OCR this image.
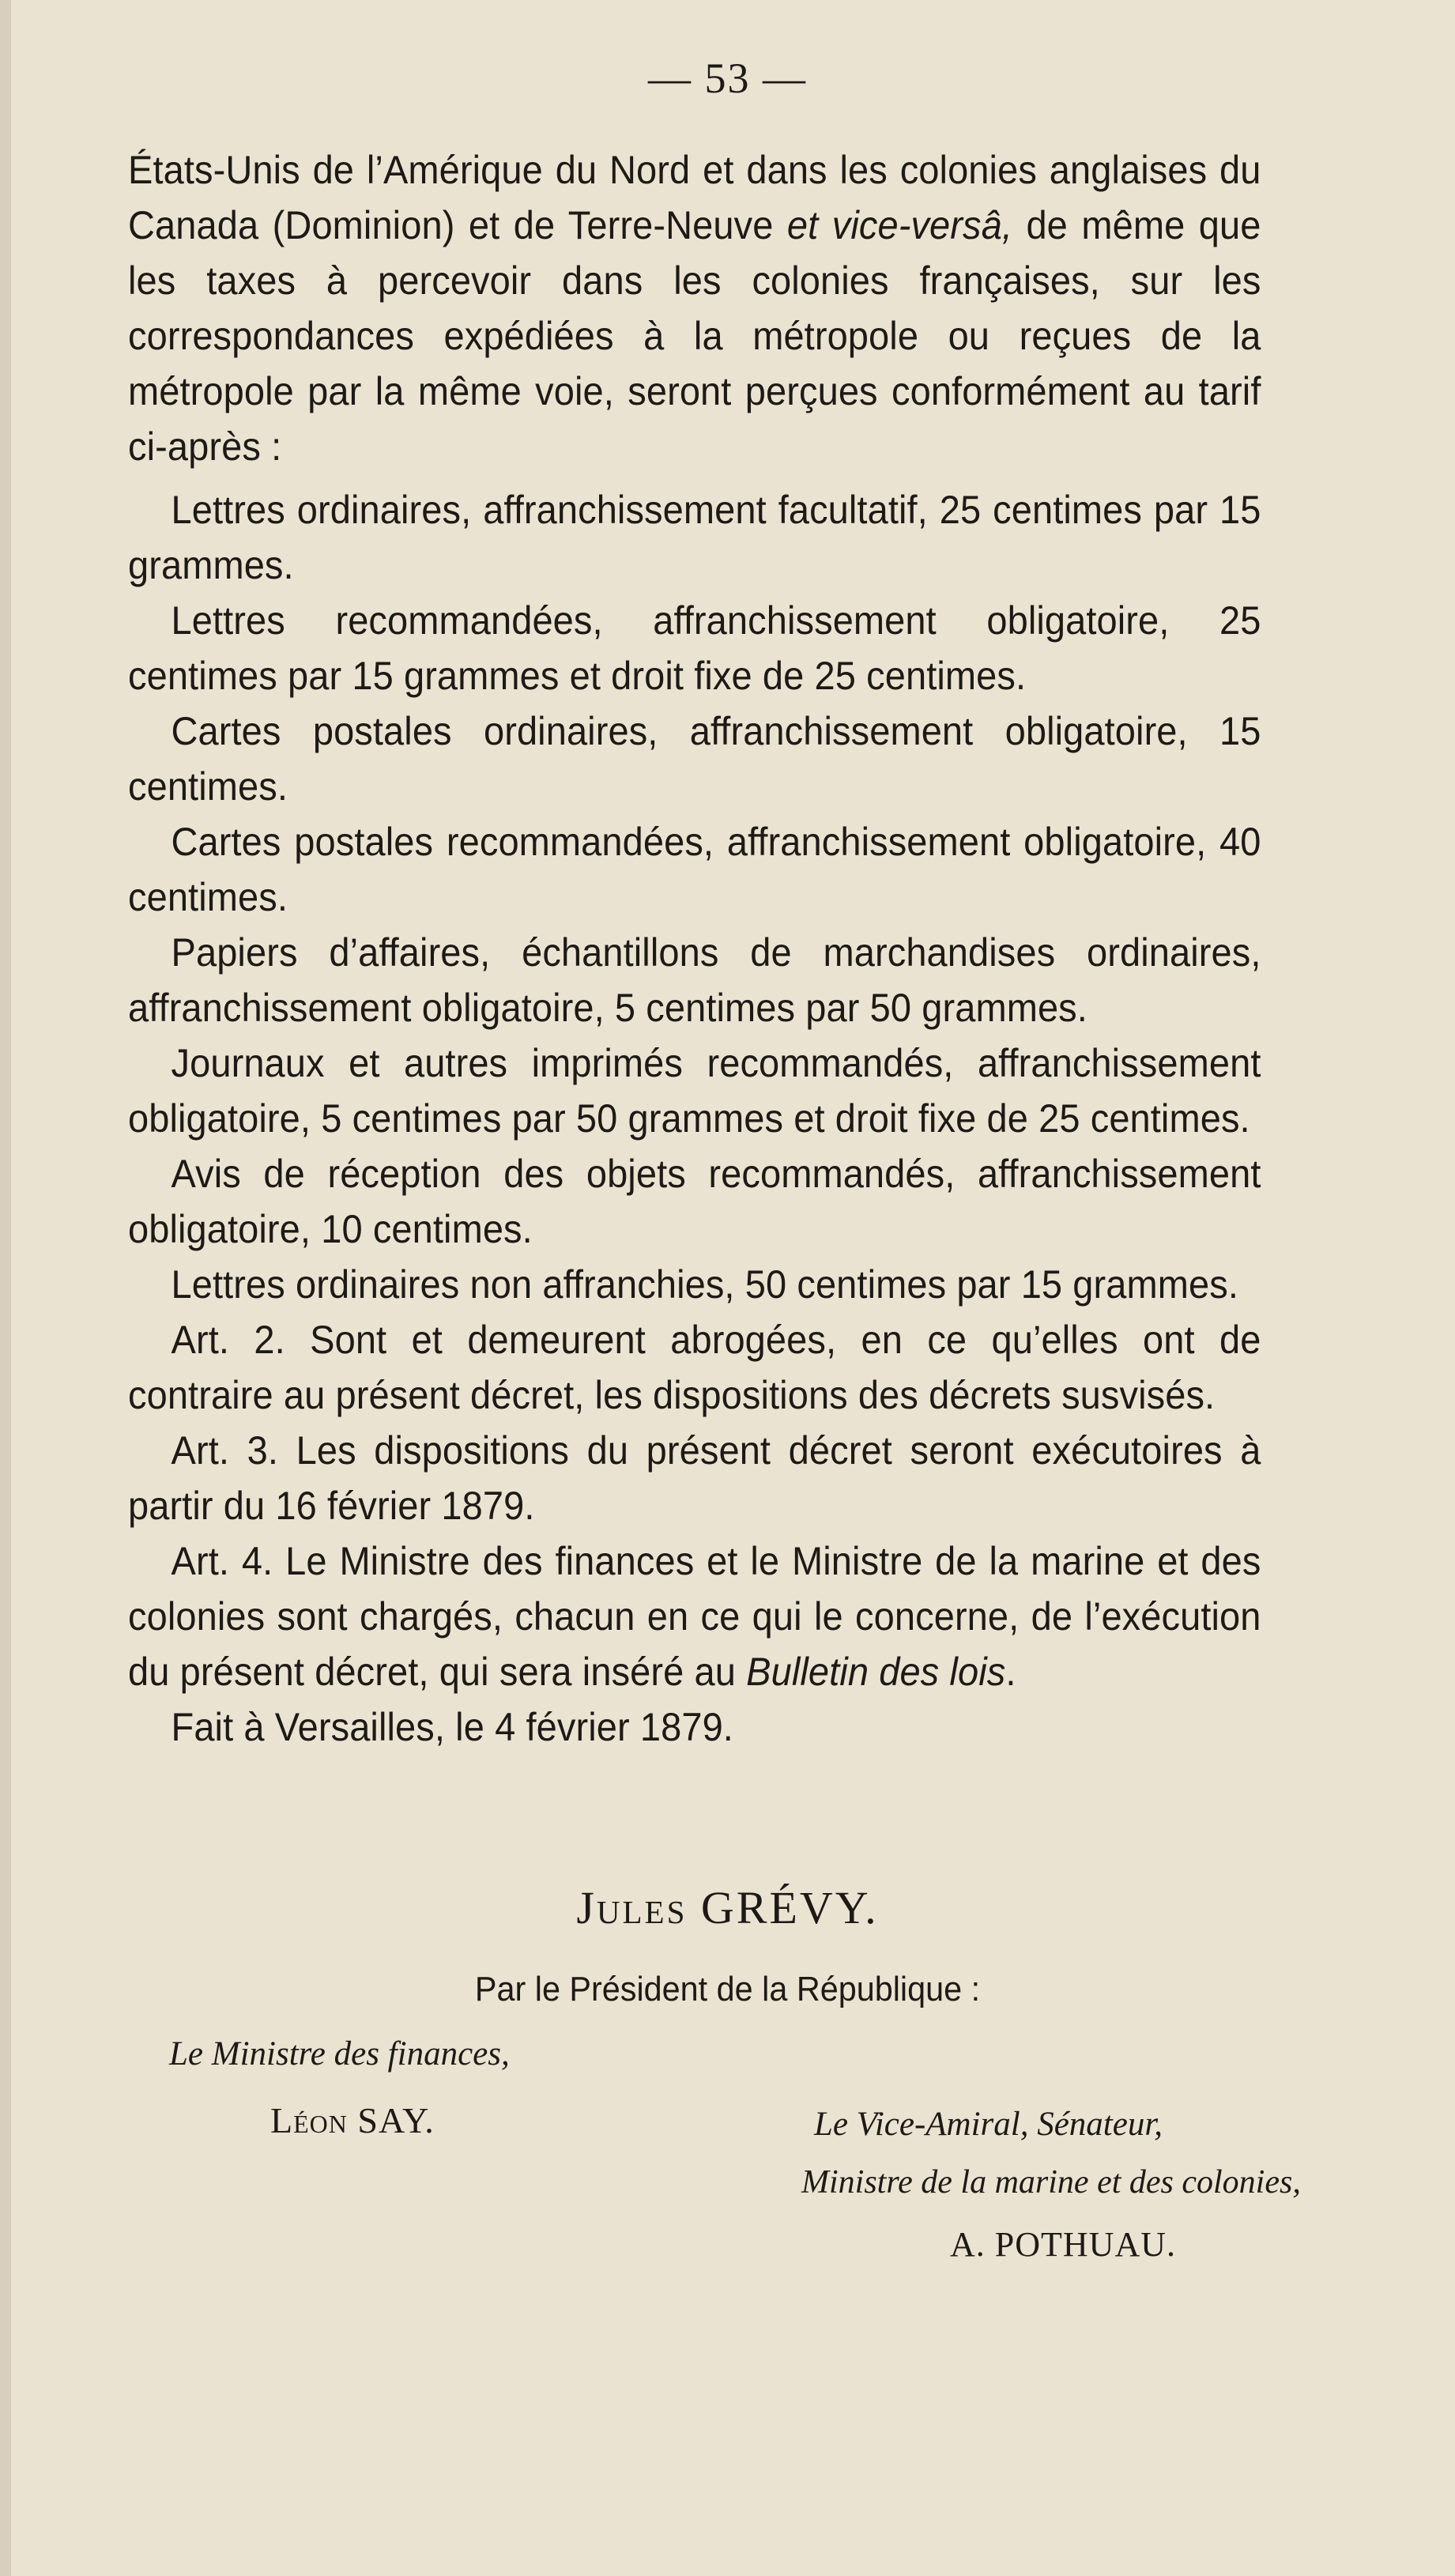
— 53 —

États-Unis de l’Amérique du Nord et dans les colonies anglaises du Canada (Dominion) et de Terre-Neuve et vice-versâ, de même que les taxes à percevoir dans les colonies françaises, sur les correspondances expédiées à la métropole ou reçues de la métropole par la même voie, seront perçues conformément au tarif ci-après :

Lettres ordinaires, affranchissement facultatif, 25 centimes par 15 grammes.

Lettres recommandées, affranchissement obligatoire, 25 centimes par 15 grammes et droit fixe de 25 centimes.

Cartes postales ordinaires, affranchissement obligatoire, 15 centimes.

Cartes postales recommandées, affranchissement obligatoire, 40 centimes.

Papiers d’affaires, échantillons de marchandises ordinaires, affranchissement obligatoire, 5 centimes par 50 grammes.

Journaux et autres imprimés recommandés, affranchissement obligatoire, 5 centimes par 50 grammes et droit fixe de 25 centimes.

Avis de réception des objets recommandés, affranchissement obligatoire, 10 centimes.

Lettres ordinaires non affranchies, 50 centimes par 15 grammes.

Art. 2. Sont et demeurent abrogées, en ce qu’elles ont de contraire au présent décret, les dispositions des décrets susvisés.

Art. 3. Les dispositions du présent décret seront exécutoires à partir du 16 février 1879.

Art. 4. Le Ministre des finances et le Ministre de la marine et des colonies sont chargés, chacun en ce qui le concerne, de l’exécution du présent décret, qui sera inséré au Bulletin des lois.

Fait à Versailles, le 4 février 1879.

Jules GRÉVY.
Par le Président de la République :
Le Ministre des finances,
Léon SAY.	Le Vice-Amiral, Sénateur,
Ministre de la marine et des colonies,
A. POTHUAU.
